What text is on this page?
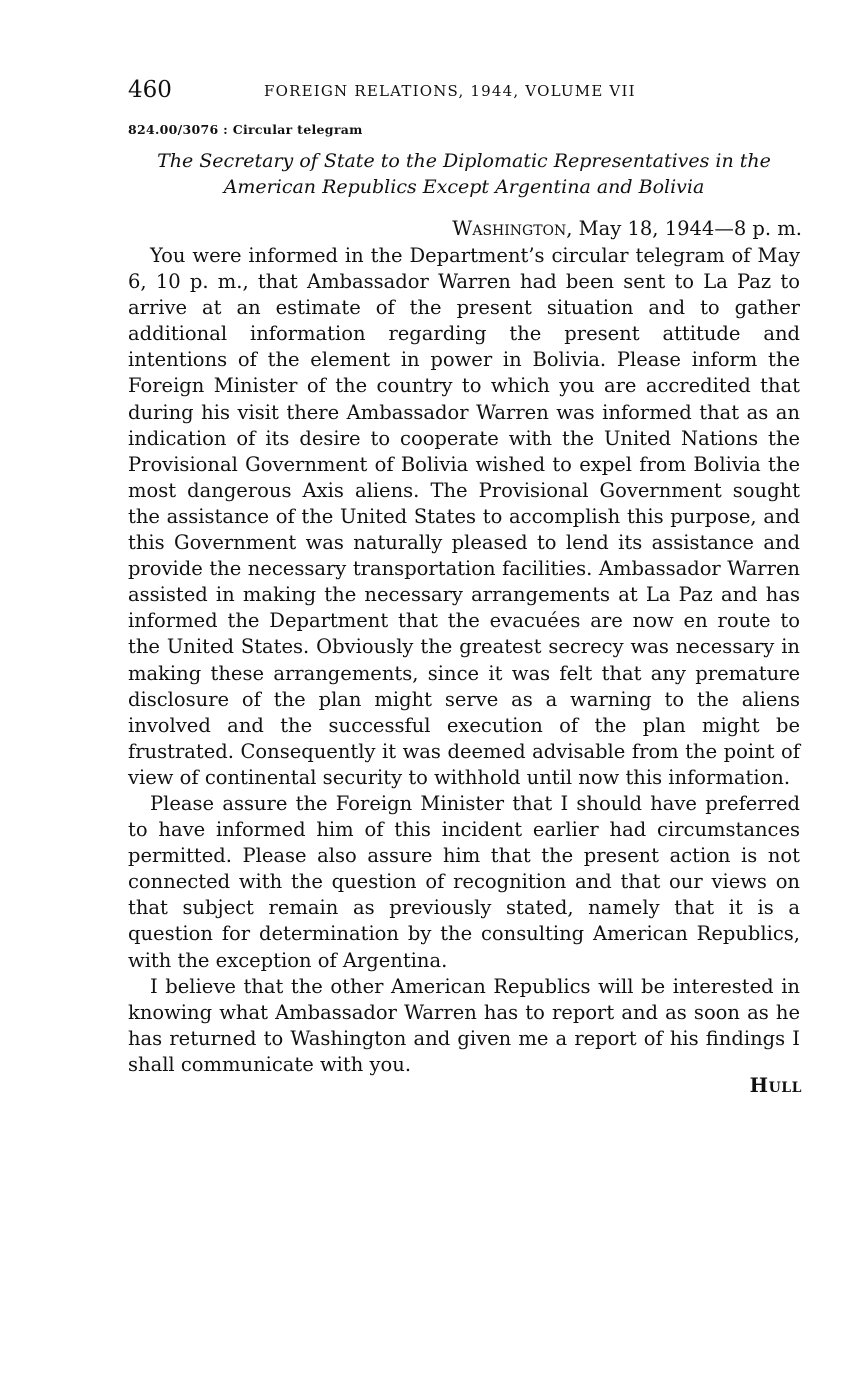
460	FOREIGN RELATIONS, 1944, VOLUME VII
824.00/3076 : Circular telegram
The Secretary of State to the Diplomatic Representatives in the
American Republics Except Argentina and Bolivia
Washington, May 18, 1944—8 p. m.

You were informed in the Department’s circular telegram of May 6, 10 p. m., that Ambassador Warren had been sent to La Paz to arrive at an estimate of the present situation and to gather additional information regarding the present attitude and intentions of the element in power in Bolivia. Please inform the Foreign Minister of the country to which you are accredited that during his visit there Ambassador Warren was informed that as an indication of its desire to cooperate with the United Nations the Provisional Government of Bolivia wished to expel from Bolivia the most dangerous Axis aliens. The Provisional Government sought the assistance of the United States to accomplish this purpose, and this Government was naturally pleased to lend its assistance and provide the necessary transportation facilities. Ambassador Warren assisted in making the necessary arrangements at La Paz and has informed the Department that the evacuées are now en route to the United States. Obviously the greatest secrecy was necessary in making these arrangements, since it was felt that any premature disclosure of the plan might serve as a warning to the aliens involved and the successful execution of the plan might be frustrated. Consequently it was deemed advisable from the point of view of continental security to withhold until now this information.

Please assure the Foreign Minister that I should have preferred to have informed him of this incident earlier had circumstances permitted. Please also assure him that the present action is not connected with the question of recognition and that our views on that subject remain as previously stated, namely that it is a question for determination by the consulting American Republics, with the exception of Argentina.

I believe that the other American Republics will be interested in knowing what Ambassador Warren has to report and as soon as he has returned to Washington and given me a report of his findings I shall communicate with you.

Hull
